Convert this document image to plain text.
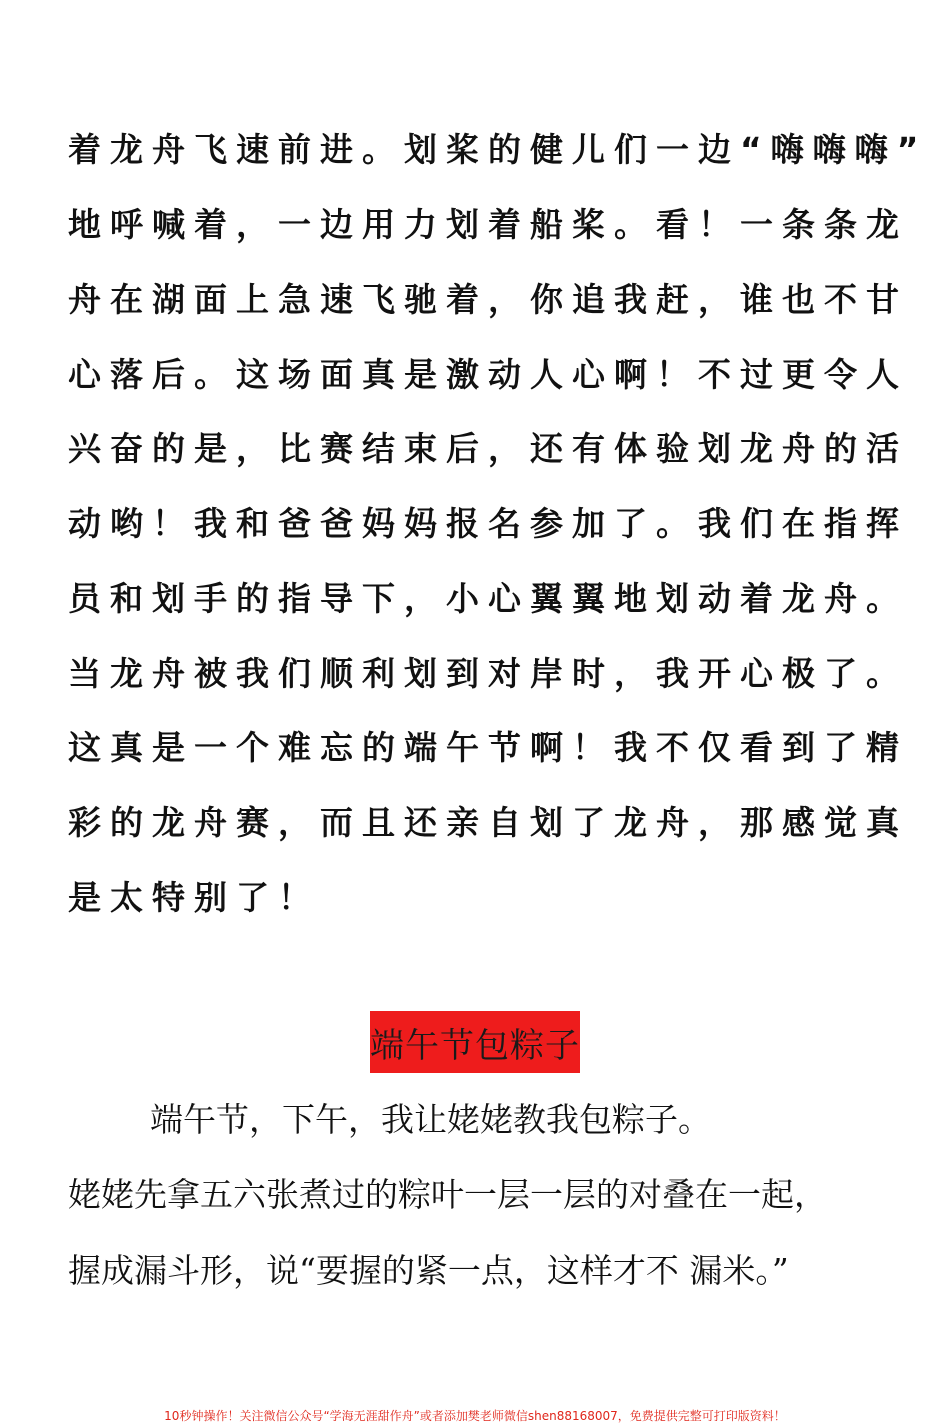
着龙舟飞速前进。划桨的健儿们一边“嗨嗨嗨”
地呼喊着，一边用力划着船桨。看！一条条龙
舟在湖面上急速飞驰着，你追我赶，谁也不甘
心落后。这场面真是激动人心啊！不过更令人
兴奋的是，比赛结束后，还有体验划龙舟的活
动哟！我和爸爸妈妈报名参加了。我们在指挥
员和划手的指导下，小心翼翼地划动着龙舟。
当龙舟被我们顺利划到对岸时，我开心极了。
这真是一个难忘的端午节啊！我不仅看到了精
彩的龙舟赛，而且还亲自划了龙舟，那感觉真
是太特别了！
端午节包粽子
端午节，下午，我让姥姥教我包粽子。
姥姥先拿五六张煮过的粽叶一层一层的对叠在一起，
握成漏斗形，说“要握的紧一点，这样才不 漏米。”
10秒钟操作！关注微信公众号“学海无涯甜作舟”或者添加樊老师微信shen88168007，免费提供完整可打印版资料！
